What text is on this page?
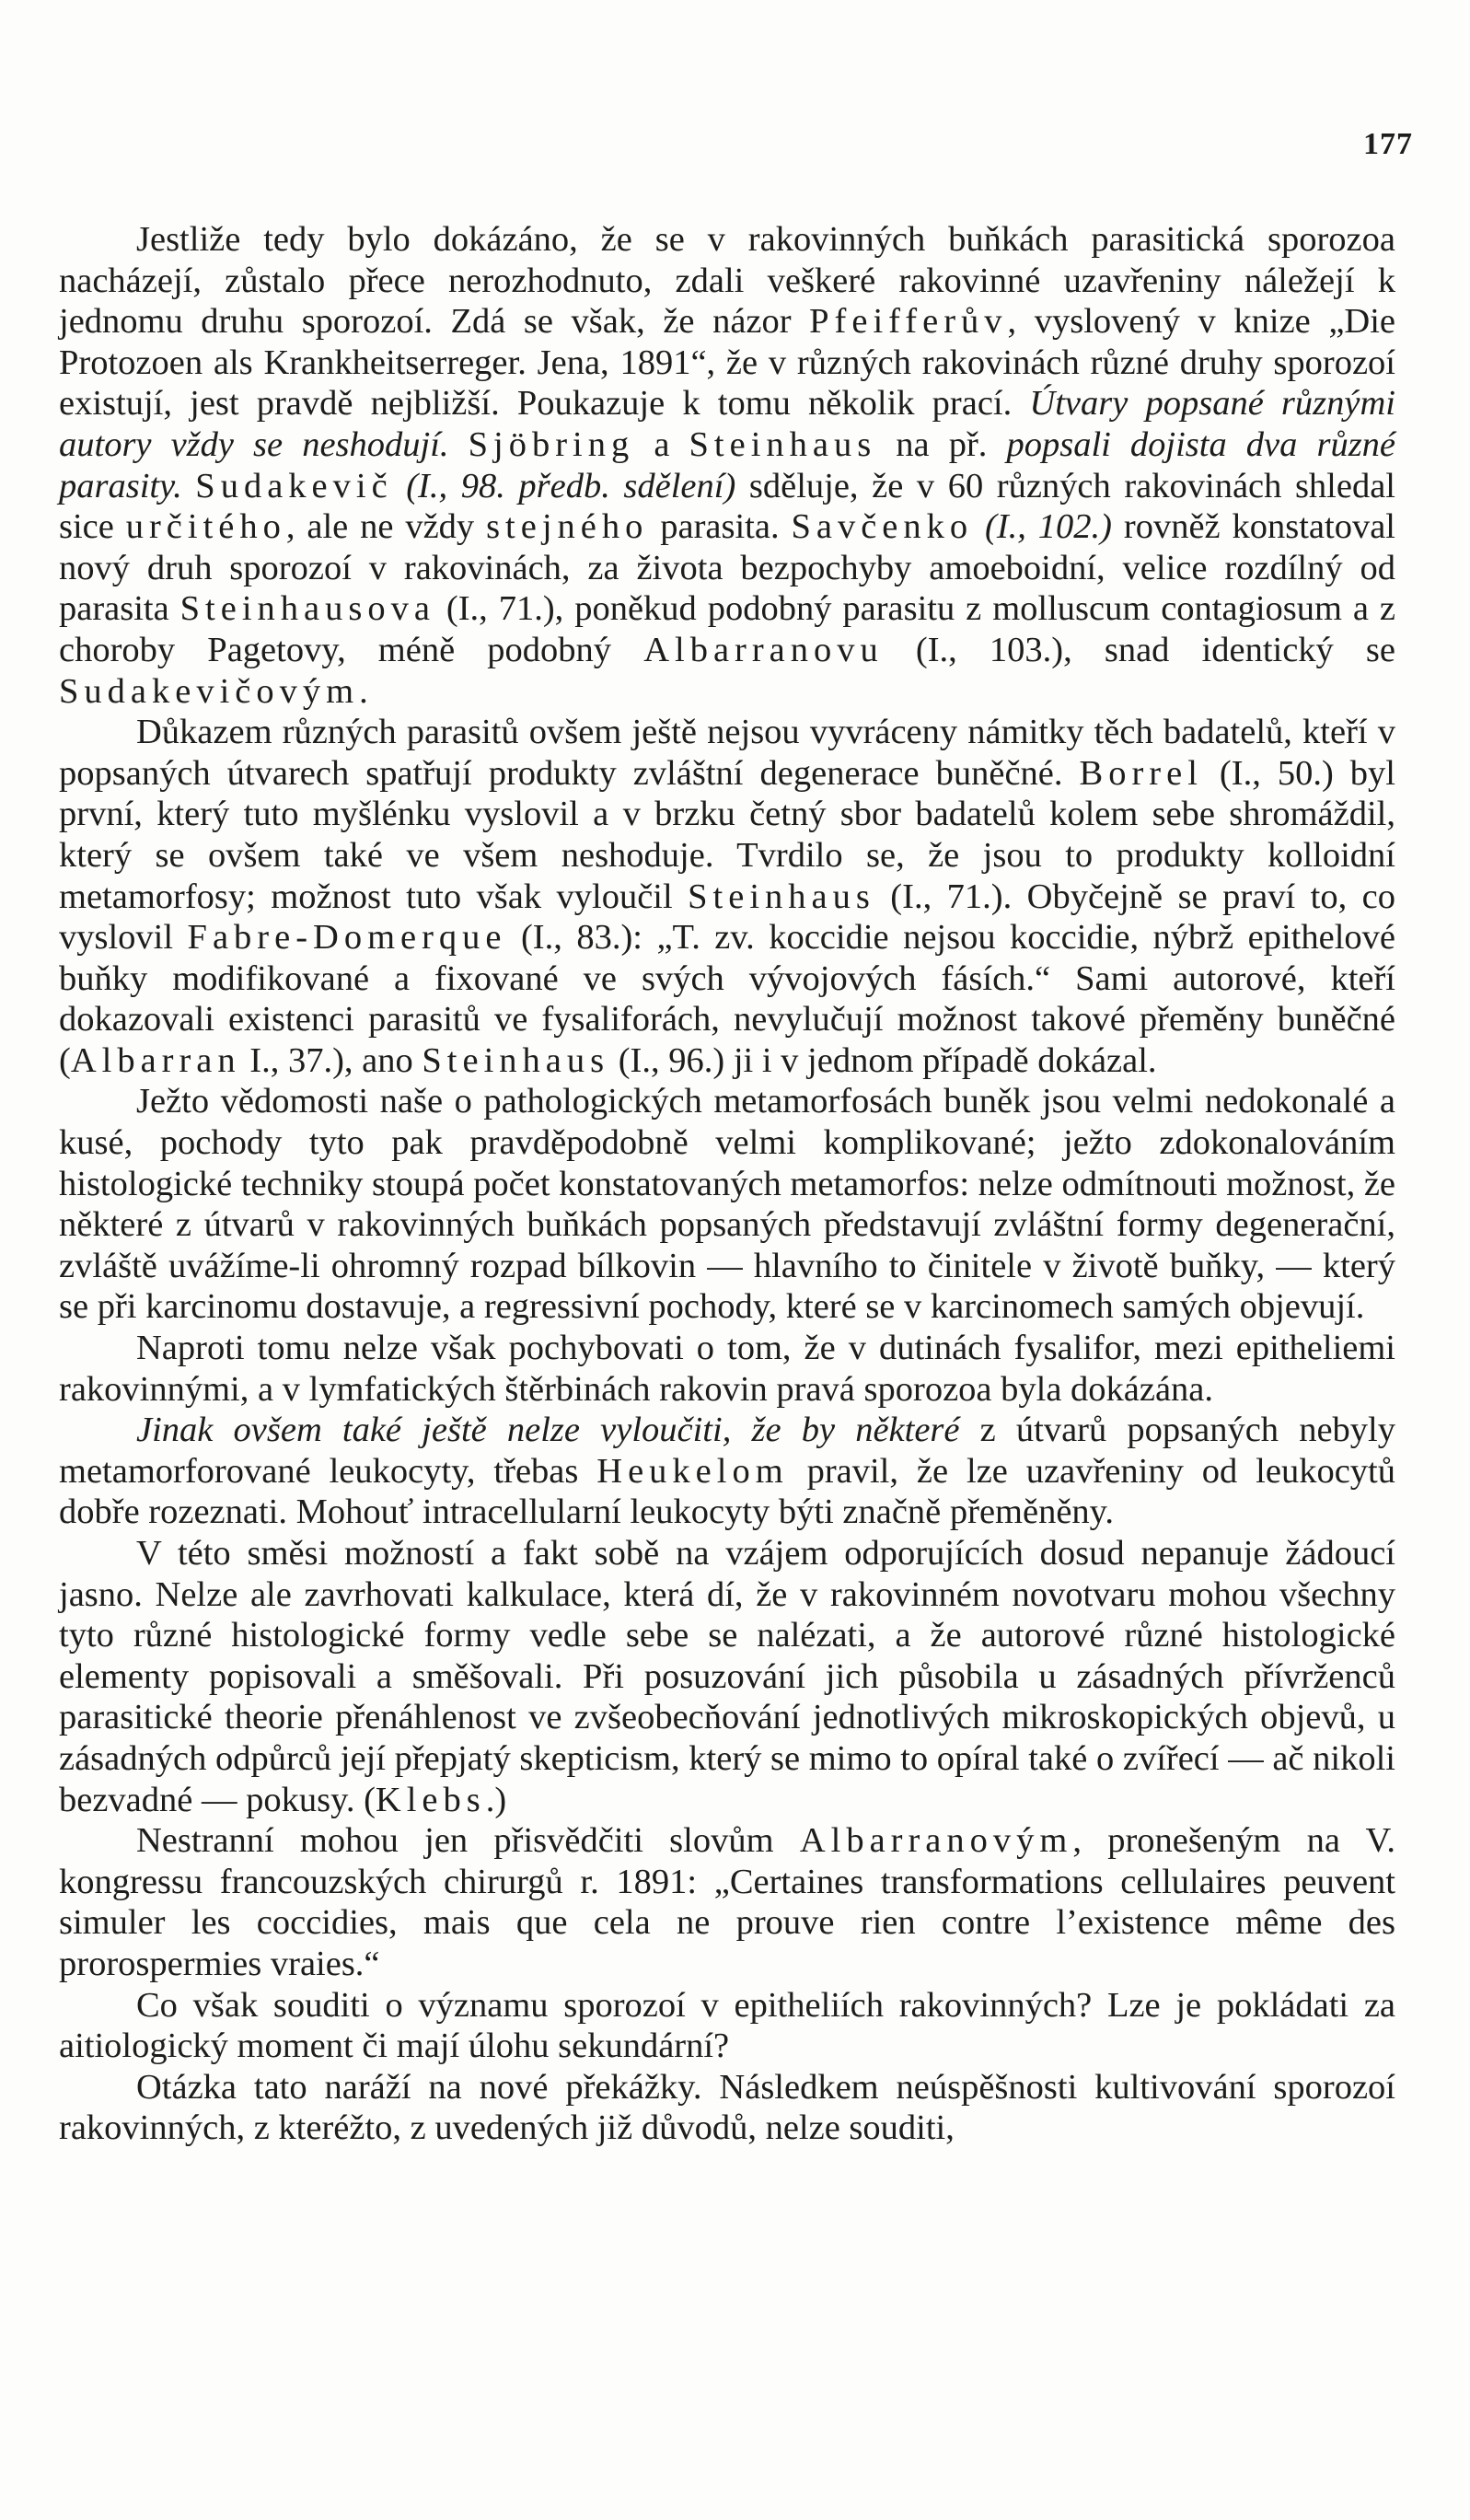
177

Jestliže tedy bylo dokázáno, že se v rakovinných buňkách parasitická sporozoa nacházejí, zůstalo přece nerozhodnuto, zdali veškeré rakovinné uzavřeniny náležejí k jednomu druhu sporozoí. Zdá se však, že názor Pfeifferův, vyslovený v knize „Die Protozoen als Krankheitserreger. Jena, 1891“, že v různých rakovinách různé druhy sporozoí existují, jest pravdě nejbližší. Poukazuje k tomu několik prací. Útvary popsané různými autory vždy se neshodují. Sjöbring a Steinhaus na př. popsali dojista dva různé parasity. Sudakevič (I., 98. předb. sdělení) sděluje, že v 60 různých rakovinách shledal sice určitého, ale ne vždy stejného parasita. Savčenko (I., 102.) rovněž konstatoval nový druh sporozoí v rakovinách, za života bezpochyby amoeboidní, velice rozdílný od parasita Steinhausova (I., 71.), poněkud podobný parasitu z molluscum contagiosum a z choroby Pagetovy, méně podobný Albarranovu (I., 103.), snad identický se Sudakevičovým.

Důkazem různých parasitů ovšem ještě nejsou vyvráceny námitky těch badatelů, kteří v popsaných útvarech spatřují produkty zvláštní degenerace buněčné. Borrel (I., 50.) byl první, který tuto myšlénku vyslovil a v brzku četný sbor badatelů kolem sebe shromáždil, který se ovšem také ve všem neshoduje. Tvrdilo se, že jsou to produkty kolloidní metamorfosy; možnost tuto však vyloučil Steinhaus (I., 71.). Obyčejně se praví to, co vyslovil Fabre-Domerque (I., 83.): „T. zv. koccidie nejsou koccidie, nýbrž epithelové buňky modifikované a fixované ve svých vývojových fásích.“ Sami autorové, kteří dokazovali existenci parasitů ve fysaliforách, nevylučují možnost takové přeměny buněčné (Albarran I., 37.), ano Steinhaus (I., 96.) ji i v jednom případě dokázal.

Ježto vědomosti naše o pathologických metamorfosách buněk jsou velmi nedokonalé a kusé, pochody tyto pak pravděpodobně velmi komplikované; ježto zdokonalováním histologické techniky stoupá počet konstatovaných metamorfos: nelze odmítnouti možnost, že některé z útvarů v rakovinných buňkách popsaných představují zvláštní formy degenerační, zvláště uvážíme-li ohromný rozpad bílkovin — hlavního to činitele v životě buňky, — který se při karcinomu dostavuje, a regressivní pochody, které se v karcinomech samých objevují.

Naproti tomu nelze však pochybovati o tom, že v dutinách fysalifor, mezi epitheliemi rakovinnými, a v lymfatických štěrbinách rakovin pravá sporozoa byla dokázána.

Jinak ovšem také ještě nelze vyloučiti, že by některé z útvarů popsaných nebyly metamorforované leukocyty, třebas Heukelom pravil, že lze uzavřeniny od leukocytů dobře rozeznati. Mohouť intracellularní leukocyty býti značně přeměněny.

V této směsi možností a fakt sobě na vzájem odporujících dosud nepanuje žádoucí jasno. Nelze ale zavrhovati kalkulace, která dí, že v rakovinném novotvaru mohou všechny tyto různé histologické formy vedle sebe se nalézati, a že autorové různé histologické elementy popisovali a směšovali. Při posuzování jich působila u zásadných přívrženců parasitické theorie přenáhlenost ve zvšeobecňování jednotlivých mikroskopických objevů, u zásadných odpůrců její přepjatý skepticism, který se mimo to opíral také o zvířecí — ač nikoli bezvadné — pokusy. (Klebs.)

Nestranní mohou jen přisvědčiti slovům Albarranovým, pronešeným na V. kongressu francouzských chirurgů r. 1891: „Certaines transformations cellulaires peuvent simuler les coccidies, mais que cela ne prouve rien contre l’existence même des prorospermies vraies.“

Co však souditi o významu sporozoí v epitheliích rakovinných? Lze je pokládati za aitiologický moment či mají úlohu sekundární?

Otázka tato naráží na nové překážky. Následkem neúspěšnosti kultivování sporozoí rakovinných, z kteréžto, z uvedených již důvodů, nelze souditi,
